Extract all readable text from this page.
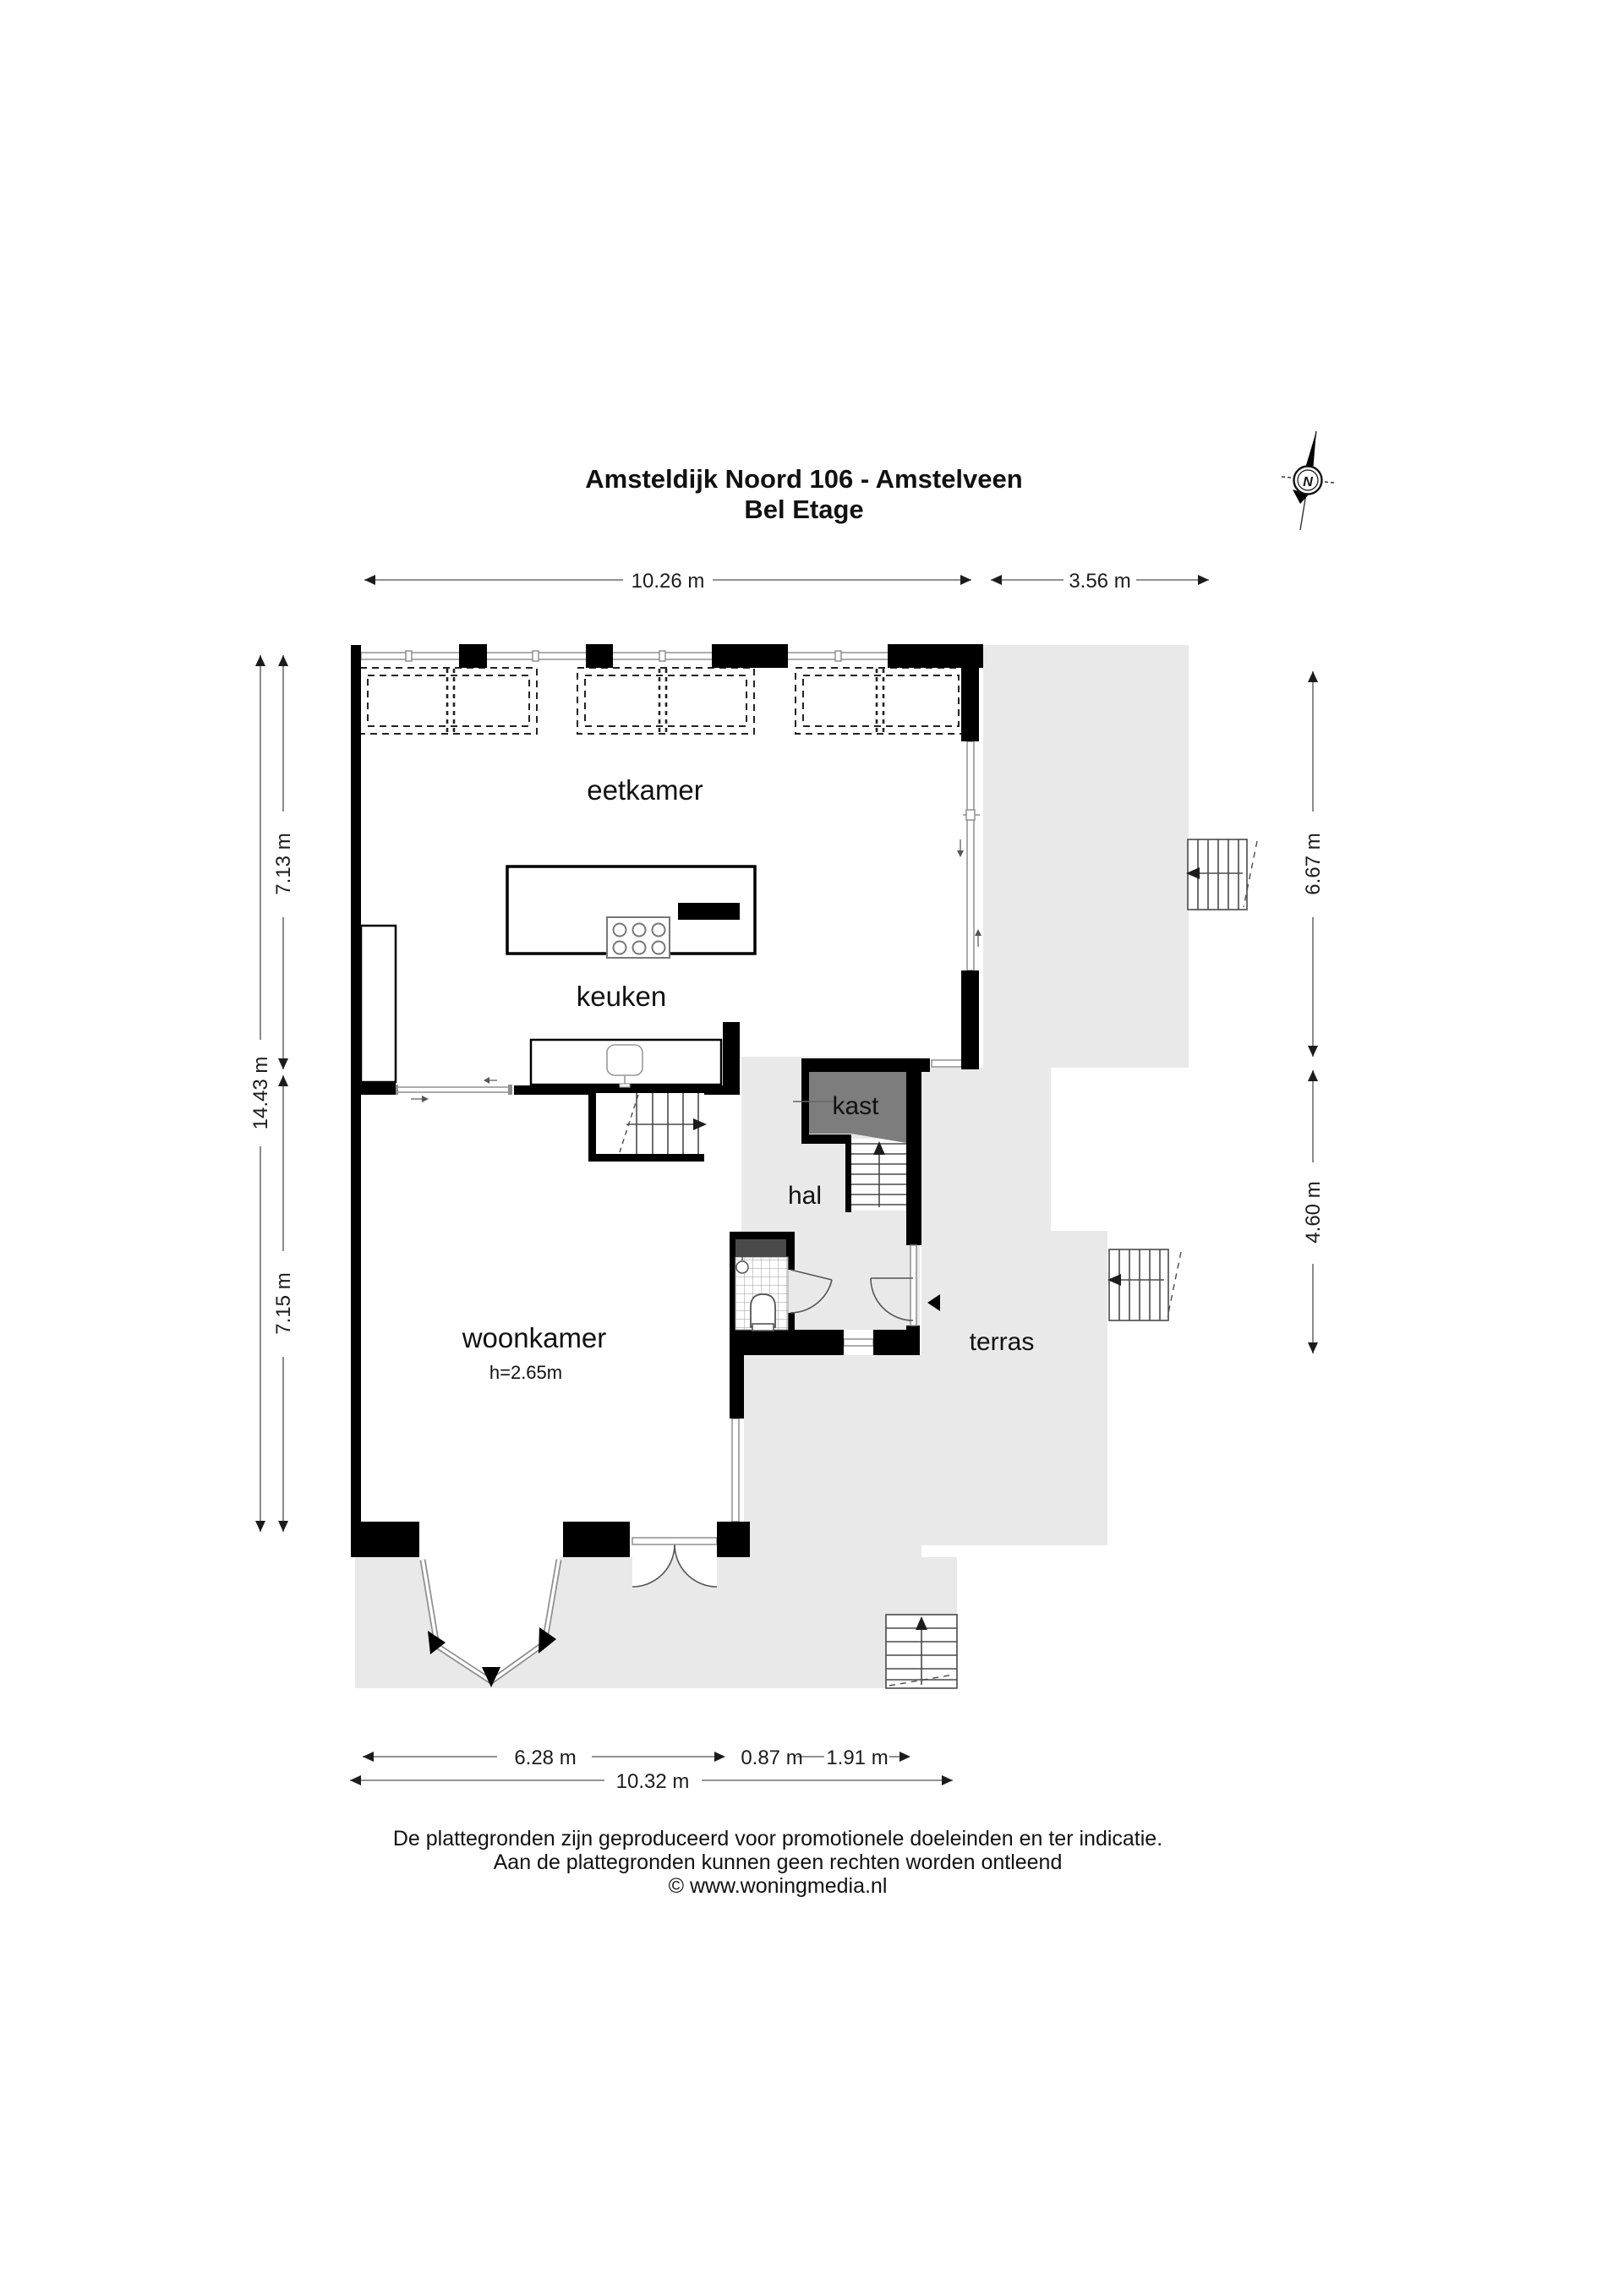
Amsteldijk Noord 106 - Amstelveen
Bel Etage
N
eetkamer
keuken
kast
hal
woonkamer
h=2.65m
terras
10.26 m	3.56 m
14.43 m
7.13 m
7.15 m
6.67 m
4.60 m
6.28 m	0.87 m 1.91 m
10.32 m
De plattegronden zijn geproduceerd voor promotionele doeleinden en ter indicatie.
Aan de plattegronden kunnen geen rechten worden ontleend
© www.woningmedia.nl
